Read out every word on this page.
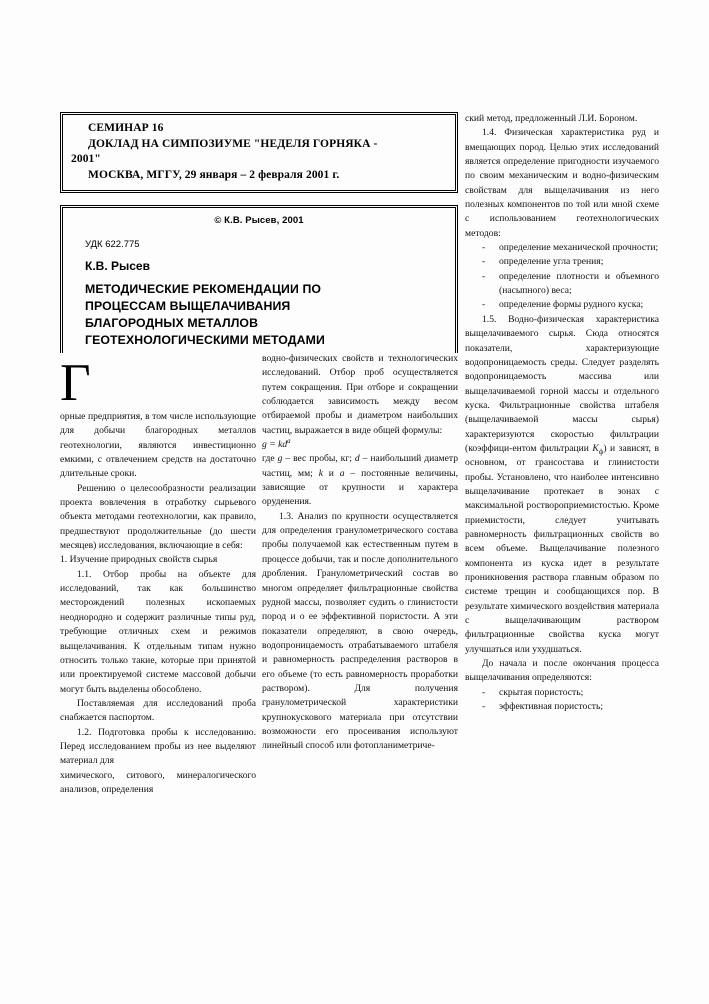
СЕМИНАР 16
ДОКЛАД НА СИМПОЗИУМЕ "НЕДЕЛЯ ГОРНЯКА -
2001"
МОСКВА, МГГУ, 29 января – 2 февраля 2001 г.
© К.В. Рысев, 2001
УДК 622.775
К.В. Рысев
МЕТОДИЧЕСКИЕ РЕКОМЕНДАЦИИ ПО
ПРОЦЕССАМ ВЫЩЕЛАЧИВАНИЯ
БЛАГОРОДНЫХ МЕТАЛЛОВ
ГЕОТЕХНОЛОГИЧЕСКИМИ МЕТОДАМИ
Г

орные предприятия, в том числе использующие для добычи благородных металлов геотехнологии, являются инвестиционно емкими, с отвлечением средств на достаточно длительные сроки.

Решению о целесообразности реализации проекта вовлечения в отработку сырьевого объекта методами геотехнологии, как правило, предшествуют продолжительные (до шести месяцев) исследования, включающие в себя:

1. Изучение природных свойств сырья

1.1. Отбор пробы на объекте для исследований, так как большинство месторождений полезных ископаемых неоднородно и содержит различные типы руд, требующие отличных схем и режимов выщелачивания. К отдельным типам нужно относить только такие, которые при принятой или проектируемой системе массовой добычи могут быть выделены обособлено.

Поставляемая для исследований проба снабжается паспортом.

1.2. Подготовка пробы к исследованию. Перед исследованием пробы из нее выделяют материал для

химического, ситового, минералогического анализов, определения

водно-физических свойств и технологических исследований. Отбор проб осуществляется путем сокращения. При отборе и сокращении соблюдается зависимость между весом отбираемой пробы и диаметром наибольших частиц, выражается в виде общей формулы:

$g = kd^a$

где g – вес пробы, кг; d – наибольший диаметр частиц, мм; k и a – постоянные величины, зависящие от крупности и характера оруденения.

1.3. Анализ по крупности осуществляется для определения гранулометрического состава пробы получаемой как естественным путем в процессе добычи, так и после дополнительного дробления. Гранулометрический состав во многом определяет фильтрационные свойства рудной массы, позволяет судить о глинистости пород и о ее эффективной пористости. А эти показатели определяют, в свою очередь, водопроницаемость отрабатываемого штабеля и равномерность распределения растворов в его объеме (то есть равномерность проработки раствором). Для получения гранулометрической характеристики крупнокускового материала при отсутствии возможности его просеивания используют линейный способ или фотопланиметриче-

ский метод, предложенный Л.И. Бороном.

1.4. Физическая характеристика руд и вмещающих пород. Целью этих исследований является определение пригодности изучаемого по своим механическим и водно-физическим свойствам для выщелачивания из него полезных компонентов по той или мной схеме с использованием геотехнологических методов:

-	определение механической прочности;

-	определение угла трения;

-	определение плотности и объемного (насыпного) веса;

-	определение формы рудного куска;

1.5. Водно-физическая характеристика выщелачиваемого сырья. Сюда относятся показатели, характеризующие водопроницаемость среды. Следует разделять водопроницаемость массива или выщелачиваемой горной массы и отдельного куска. Фильтрационные свойства штабеля (выщелачиваемой массы сырья) характеризуются скоростью фильтрации (коэффици-ентом фильтрации $K_ф$) и зависят, в основном, от грансостава и глинистости пробы. Установлено, что наиболее интенсивно выщелачивание протекает в зонах с максимальной роствороприемистостью. Кроме приемистости, следует учитывать равномерность фильтрационных свойств во всем объеме. Выщелачивание полезного компонента из куска идет в результате проникновения раствора главным образом по системе трещин и сообщающихся пор. В результате химического воздействия материала с выщелачивающим раствором фильтрационные свойства куска могут улучшаться или ухудшаться.

До начала и после окончания процесса выщелачивания определяются:

-	скрытая пористость;

-	эффективная пористость;
